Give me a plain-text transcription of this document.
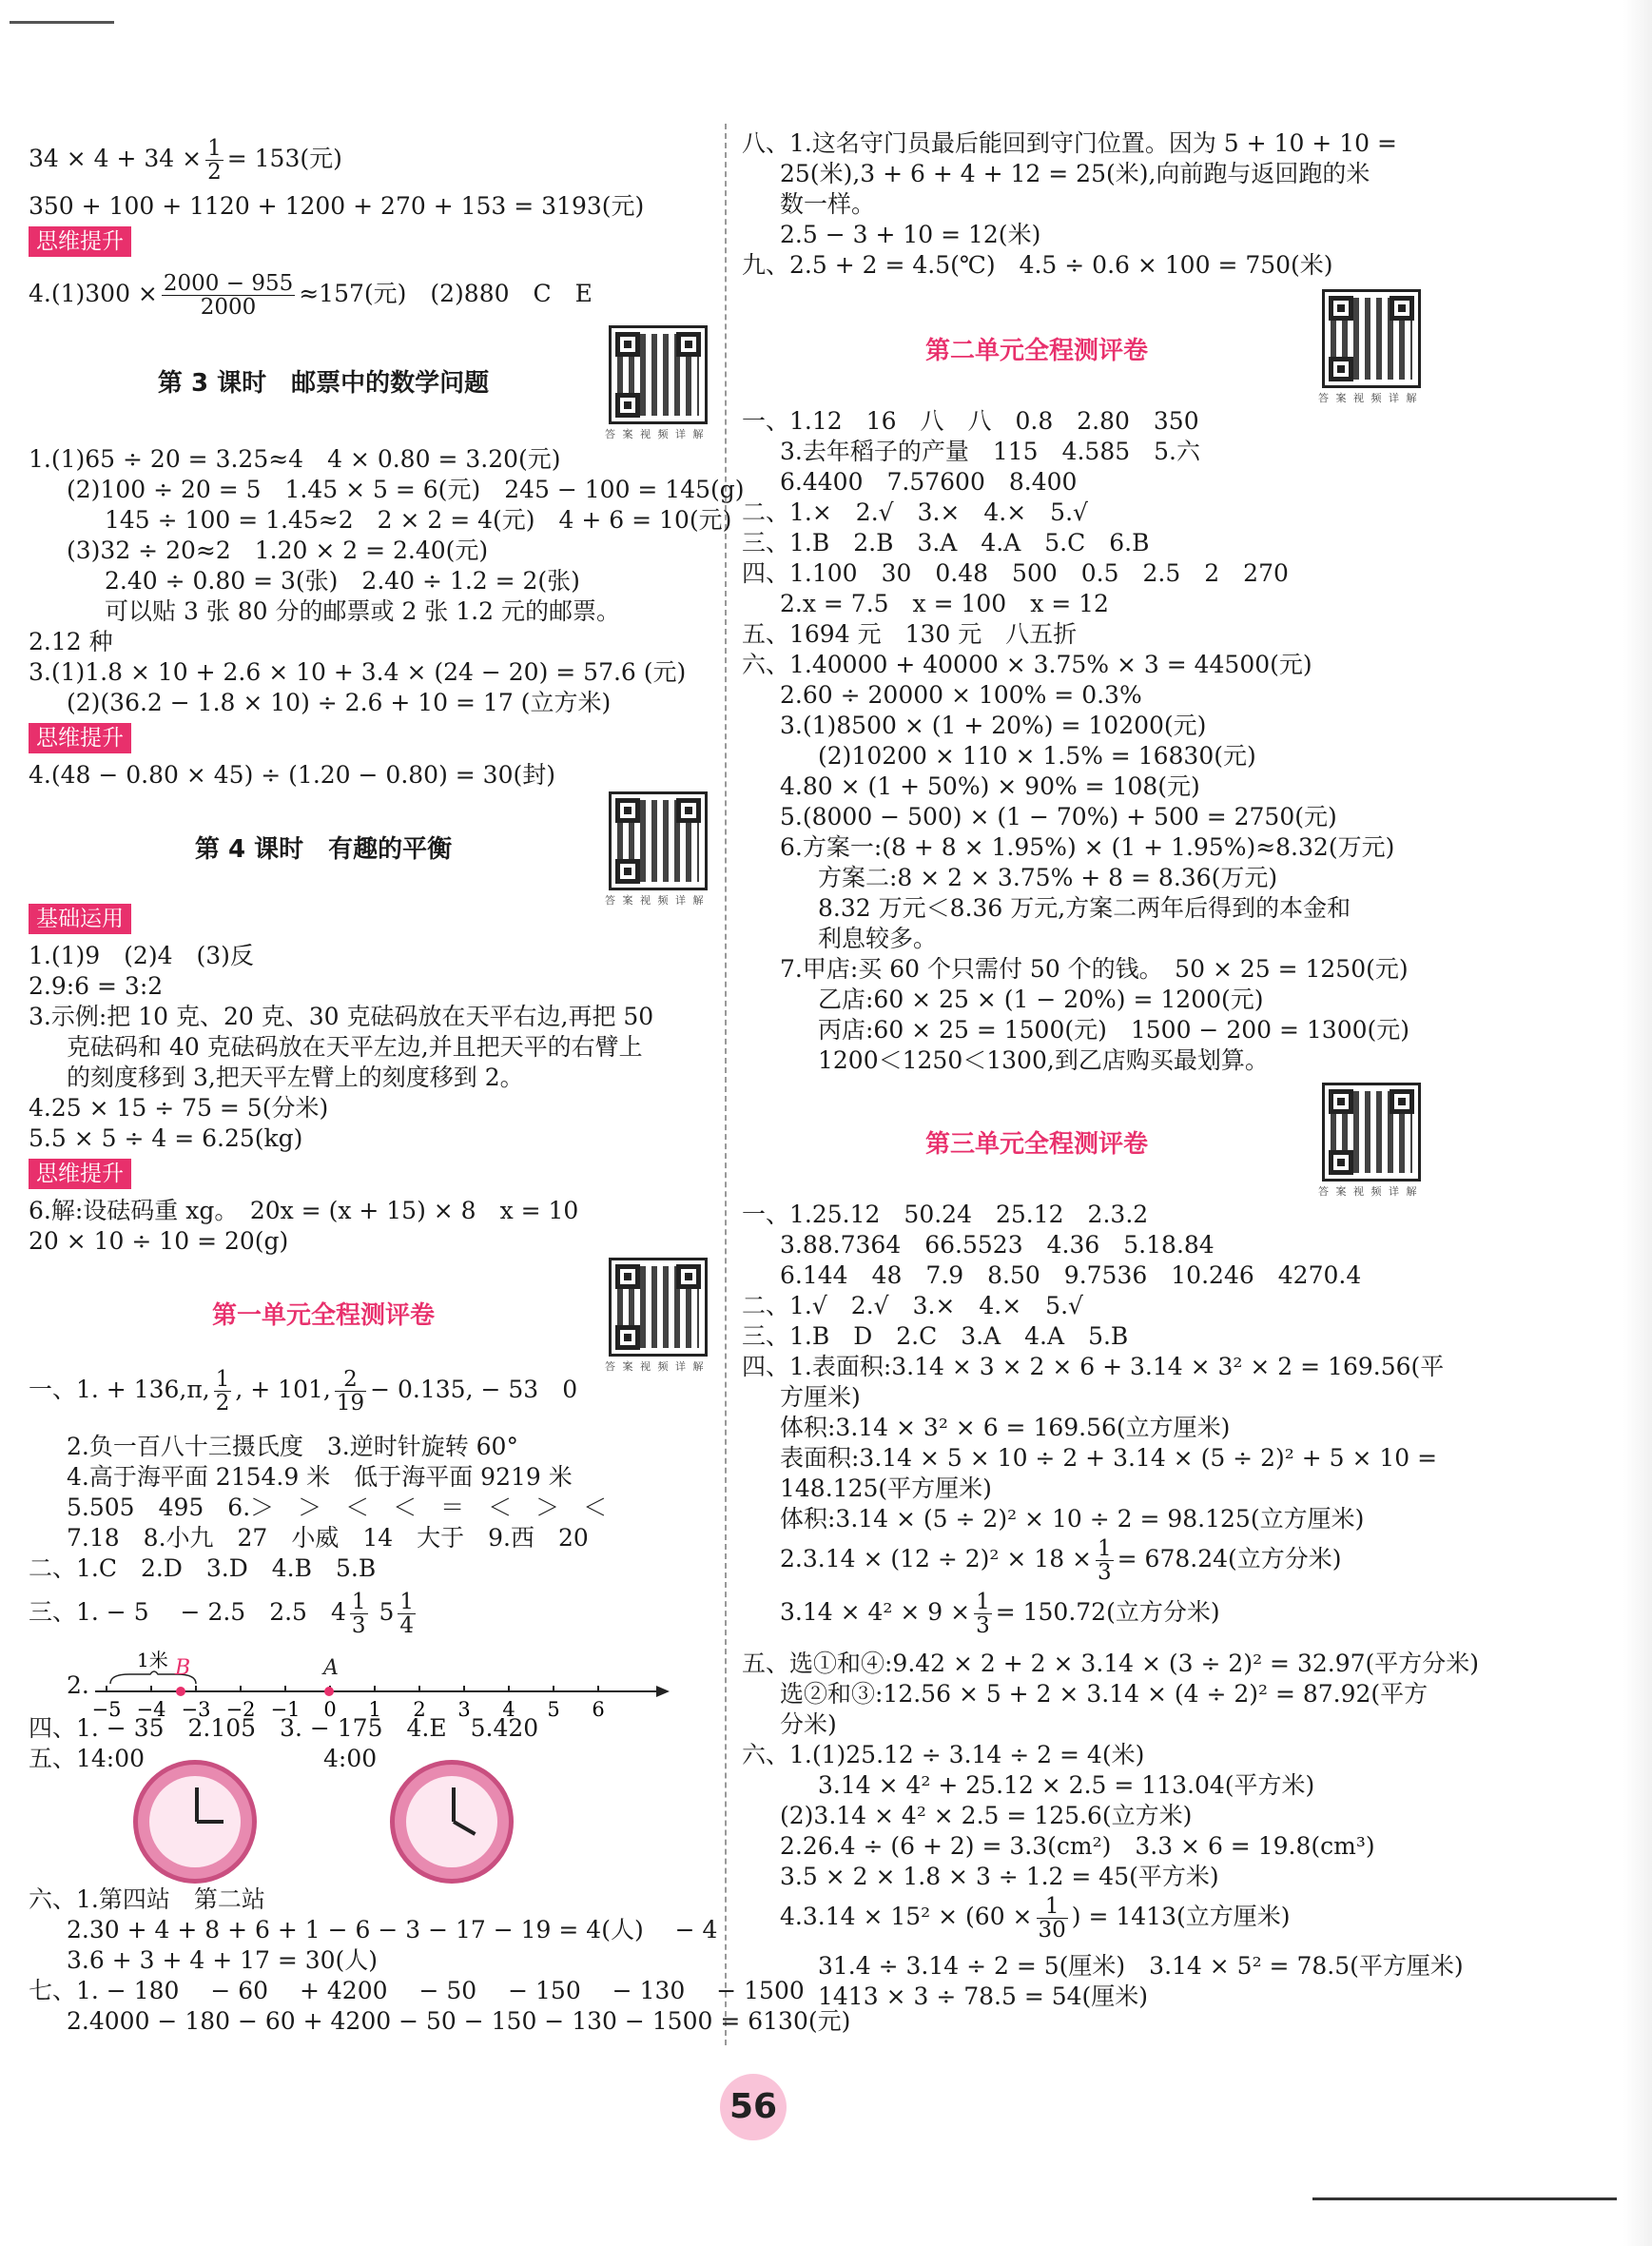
$34 \times 4 + 34 \times \frac{1}{2} = 153$(元)
350 + 100 + 1120 + 1200 + 270 + 153 = 3193(元)
思维提升
$4.(1)300 \times \frac{2000 - 955}{2000} \approx 157$(元)　(2)880　C　E
第 3 课时　邮票中的数学问题
答 案 视 频 详 解
1.(1)65 ÷ 20 = 3.25≈4　4 × 0.80 = 3.20(元)
(2)100 ÷ 20 = 5　1.45 × 5 = 6(元)　245 − 100 = 145(g)
145 ÷ 100 = 1.45≈2　2 × 2 = 4(元)　4 + 6 = 10(元)
(3)32 ÷ 20≈2　1.20 × 2 = 2.40(元)
2.40 ÷ 0.80 = 3(张)　2.40 ÷ 1.2 = 2(张)
可以贴 3 张 80 分的邮票或 2 张 1.2 元的邮票。
2.12 种
3.(1)1.8 × 10 + 2.6 × 10 + 3.4 × (24 − 20) = 57.6 (元)
(2)(36.2 − 1.8 × 10) ÷ 2.6 + 10 = 17 (立方米)
思维提升
4.(48 − 0.80 × 45) ÷ (1.20 − 0.80) = 30(封)
第 4 课时　有趣的平衡
答 案 视 频 详 解
基础运用
1.(1)9　(2)4　(3)反
2.9:6 = 3:2
3.示例:把 10 克、20 克、30 克砝码放在天平右边,再把 50
克砝码和 40 克砝码放在天平左边,并且把天平的右臂上
的刻度移到 3,把天平左臂上的刻度移到 2。
4.25 × 15 ÷ 75 = 5(分米)
5.5 × 5 ÷ 4 = 6.25(kg)
思维提升
6.解:设砝码重 xg。　20x = (x + 15) × 8　x = 10
20 × 10 ÷ 10 = 20(g)
第一单元全程测评卷
答 案 视 频 详 解
一、1. + 136,π, $\frac{1}{2}$ , + 101, $\frac{2}{19} - 0.135$, − 53　0
2.负一百八十三摄氏度　3.逆时针旋转 60°
4.高于海平面 2154.9 米　低于海平面 9219 米
5.505　495　6.＞　＞　＜　＜　＝　＜　＞　＜
7.18　8.小九　27　小威　14　大于　9.西　20
二、1.C　2.D　3.D　4.B　5.B
三、1. − 5　 − 2.5　2.5　$4 \frac{1}{3} 5 \frac{1}{4}$
2.
1米
−5 −4 −3 −2 −1 0 1 2 3 4 5 6
B	A
四、1. − 35　2.105　3. − 175　4.E　5.420
五、14:00	4:00
六、1.第四站　第二站
2.30 + 4 + 8 + 6 + 1 − 6 − 3 − 17 − 19 = 4(人)　 − 4
3.6 + 3 + 4 + 17 = 30(人)
七、1. − 180　 − 60　 + 4200　 − 50　 − 150　 − 130　 − 1500
2.4000 − 180 − 60 + 4200 − 50 − 150 − 130 − 1500 = 6130(元)
八、1.这名守门员最后能回到守门位置。因为 5 + 10 + 10 =
25(米),3 + 6 + 4 + 12 = 25(米),向前跑与返回跑的米
数一样。
2.5 − 3 + 10 = 12(米)
九、2.5 + 2 = 4.5(℃)　4.5 ÷ 0.6 × 100 = 750(米)
第二单元全程测评卷
答 案 视 频 详 解
一、1.12　16　八　八　0.8　2.80　350
3.去年稻子的产量　115　4.585　5.六
6.4400　7.57600　8.400
二、1.×　2.√　3.×　4.×　5.√
三、1.B　2.B　3.A　4.A　5.C　6.B
四、1.100　30　0.48　500　0.5　2.5　2　270
2.x = 7.5　x = 100　x = 12
五、1694 元　130 元　八五折
六、1.40000 + 40000 × 3.75% × 3 = 44500(元)
2.60 ÷ 20000 × 100% = 0.3%
3.(1)8500 × (1 + 20%) = 10200(元)
(2)10200 × 110 × 1.5% = 16830(元)
4.80 × (1 + 50%) × 90% = 108(元)
5.(8000 − 500) × (1 − 70%) + 500 = 2750(元)
6.方案一:(8 + 8 × 1.95%) × (1 + 1.95%)≈8.32(万元)
方案二:8 × 2 × 3.75% + 8 = 8.36(万元)
8.32 万元＜8.36 万元,方案二两年后得到的本金和
利息较多。
7.甲店:买 60 个只需付 50 个的钱。　50 × 25 = 1250(元)
乙店:60 × 25 × (1 − 20%) = 1200(元)
丙店:60 × 25 = 1500(元)　1500 − 200 = 1300(元)
1200＜1250＜1300,到乙店购买最划算。
第三单元全程测评卷
答 案 视 频 详 解
一、1.25.12　50.24　25.12　2.3.2
3.88.7364　66.5523　4.36　5.18.84
6.144　48　7.9　8.50　9.7536　10.246　4270.4
二、1.√　2.√　3.×　4.×　5.√
三、1.B　D　2.C　3.A　4.A　5.B
四、1.表面积:3.14 × 3 × 2 × 6 + 3.14 × 3² × 2 = 169.56(平
方厘米)
体积:3.14 × 3² × 6 = 169.56(立方厘米)
表面积:3.14 × 5 × 10 ÷ 2 + 3.14 × (5 ÷ 2)² + 5 × 10 =
148.125(平方厘米)
体积:3.14 × (5 ÷ 2)² × 10 ÷ 2 = 98.125(立方厘米)
$2.3.14 \times (12 \div 2)^2 \times 18 \times \frac{1}{3} = 678.24$(立方分米)
$3.14 \times 4^2 \times 9 \times \frac{1}{3} = 150.72$(立方分米)
五、选①和④:9.42 × 2 + 2 × 3.14 × (3 ÷ 2)² = 32.97(平方分米)
选②和③:12.56 × 5 + 2 × 3.14 × (4 ÷ 2)² = 87.92(平方
分米)
六、1.(1)25.12 ÷ 3.14 ÷ 2 = 4(米)
3.14 × 4² + 25.12 × 2.5 = 113.04(平方米)
(2)3.14 × 4² × 2.5 = 125.6(立方米)
2.26.4 ÷ (6 + 2) = 3.3(cm²)　3.3 × 6 = 19.8(cm³)
3.5 × 2 × 1.8 × 3 ÷ 1.2 = 45(平方米)
$4.3.14 \times 15^2 \times (60 \times \frac{1}{30}$ ) = 1413(立方厘米)
31.4 ÷ 3.14 ÷ 2 = 5(厘米)　3.14 × 5² = 78.5(平方厘米)
1413 × 3 ÷ 78.5 = 54(厘米)
56
